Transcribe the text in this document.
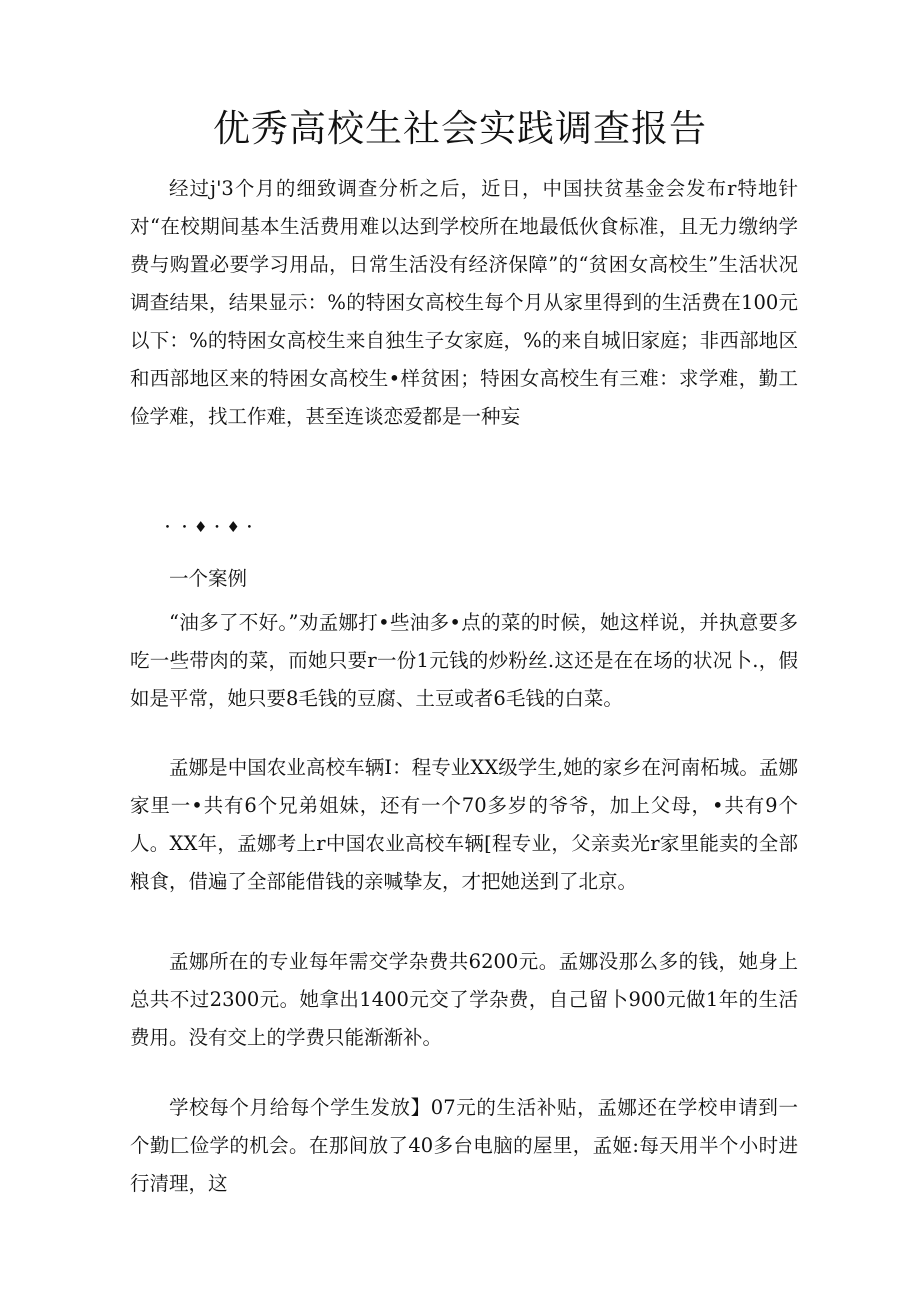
优秀高校生社会实践调查报告

经过j'3个月的细致调查分析之后，近日，中国扶贫基金会发布r特地针对“在校期间基本生活费用难以达到学校所在地最低伙食标准，且无力缴纳学费与购置必要学习用品，日常生活没有经济保障”的“贫困女高校生”生活状况调查结果，结果显示：%的特困女高校生每个月从家里得到的生活费在100元以下：%的特困女高校生来自独生子女家庭，%的来自城旧家庭；非西部地区和西部地区来的特困女高校生•样贫困；特困女高校生有三难：求学难，勤工俭学难，找工作难，甚至连谈恋爱都是一种妄

・・♦・♦・

一个案例

“油多了不好。”劝孟娜打•些油多•点的菜的时候，她这样说，并执意要多吃一些带肉的菜，而她只要r一份1元钱的炒粉丝.这还是在在场的状况卜.，假如是平常，她只要8毛钱的豆腐、土豆或者6毛钱的白菜。

孟娜是中国农业高校车辆I：程专业XX级学生,她的家乡在河南柘城。孟娜家里一•共有6个兄弟姐妹，还有一个70多岁的爷爷，加上父母，•共有9个人。XX年，孟娜考上r中国农业高校车辆[程专业，父亲卖光r家里能卖的全部粮食，借遍了全部能借钱的亲喊挚友，才把她送到了北京。

孟娜所在的专业每年需交学杂费共6200元。孟娜没那么多的钱，她身上总共不过2300元。她拿出1400元交了学杂费，自己留卜900元做1年的生活费用。没有交上的学费只能渐渐补。

学校每个月给每个学生发放】07元的生活补贴，孟娜还在学校申请到一个勤匚俭学的机会。在那间放了40多台电脑的屋里，孟姬:每天用半个小时进行清理，这
